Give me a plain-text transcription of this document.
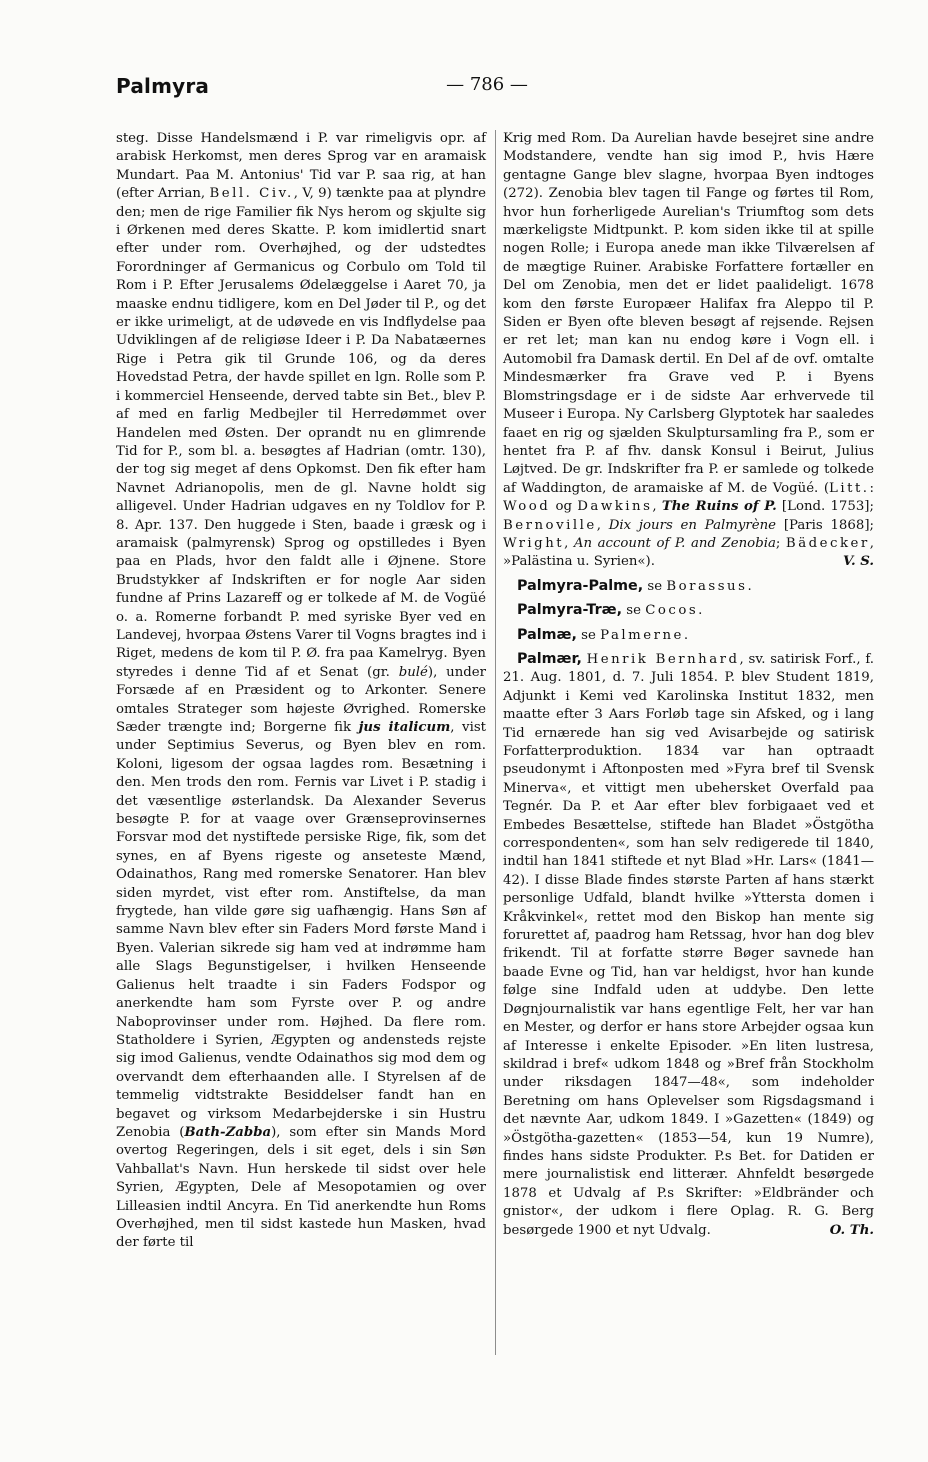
Palmyra	— 786 —

steg. Disse Handelsmænd i P. var rimeligvis opr. af arabisk Herkomst, men deres Sprog var en aramaisk Mundart. Paa M. Antonius' Tid var P. saa rig, at han (efter Arrian, Bell. Civ., V, 9) tænkte paa at plyndre den; men de rige Familier fik Nys herom og skjulte sig i Ørkenen med deres Skatte. P. kom imidlertid snart efter under rom. Overhøjhed, og der udstedtes Forordninger af Germanicus og Corbulo om Told til Rom i P. Efter Jerusalems Ødelæggelse i Aaret 70, ja maaske endnu tidligere, kom en Del Jøder til P., og det er ikke urimeligt, at de udøvede en vis Indflydelse paa Udviklingen af de religiøse Ideer i P. Da Nabatæernes Rige i Petra gik til Grunde 106, og da deres Hovedstad Petra, der havde spillet en lgn. Rolle som P. i kommerciel Henseende, derved tabte sin Bet., blev P. af med en farlig Medbejler til Herredømmet over Handelen med Østen. Der oprandt nu en glimrende Tid for P., som bl. a. besøgtes af Hadrian (omtr. 130), der tog sig meget af dens Opkomst. Den fik efter ham Navnet Adrianopolis, men de gl. Navne holdt sig alligevel. Under Hadrian udgaves en ny Toldlov for P. 8. Apr. 137. Den huggede i Sten, baade i græsk og i aramaisk (palmyrensk) Sprog og opstilledes i Byen paa en Plads, hvor den faldt alle i Øjnene. Store Brudstykker af Indskriften er for nogle Aar siden fundne af Prins Lazareff og er tolkede af M. de Vogüé o. a. Romerne forbandt P. med syriske Byer ved en Landevej, hvorpaa Østens Varer til Vogns bragtes ind i Riget, medens de kom til P. Ø. fra paa Kamelryg. Byen styredes i denne Tid af et Senat (gr. bulé), under Forsæde af en Præsident og to Arkonter. Senere omtales Strateger som højeste Øvrighed. Romerske Sæder trængte ind; Borgerne fik jus italicum, vist under Septimius Severus, og Byen blev en rom. Koloni, ligesom der ogsaa lagdes rom. Besætning i den. Men trods den rom. Fernis var Livet i P. stadig i det væsentlige østerlandsk. Da Alexander Severus besøgte P. for at vaage over Grænseprovinsernes Forsvar mod det nystiftede persiske Rige, fik, som det synes, en af Byens rigeste og anseteste Mænd, Odainathos, Rang med romerske Senatorer. Han blev siden myrdet, vist efter rom. Anstiftelse, da man frygtede, han vilde gøre sig uafhængig. Hans Søn af samme Navn blev efter sin Faders Mord første Mand i Byen. Valerian sikrede sig ham ved at indrømme ham alle Slags Begunstigelser, i hvilken Henseende Galienus helt traadte i sin Faders Fodspor og anerkendte ham som Fyrste over P. og andre Naboprovinser under rom. Højhed. Da flere rom. Statholdere i Syrien, Ægypten og andensteds rejste sig imod Galienus, vendte Odainathos sig mod dem og overvandt dem efterhaanden alle. I Styrelsen af de temmelig vidtstrakte Besiddelser fandt han en begavet og virksom Medarbejderske i sin Hustru Zenobia (Bath-Zabba), som efter sin Mands Mord overtog Regeringen, dels i sit eget, dels i sin Søn Vahballat's Navn. Hun herskede til sidst over hele Syrien, Ægypten, Dele af Mesopotamien og over Lilleasien indtil Ancyra. En Tid anerkendte hun Roms Overhøjhed, men til sidst kastede hun Masken, hvad der førte til

Krig med Rom. Da Aurelian havde besejret sine andre Modstandere, vendte han sig imod P., hvis Hære gentagne Gange blev slagne, hvorpaa Byen indtoges (272). Zenobia blev tagen til Fange og førtes til Rom, hvor hun forherligede Aurelian's Triumftog som dets mærkeligste Midtpunkt. P. kom siden ikke til at spille nogen Rolle; i Europa anede man ikke Tilværelsen af de mægtige Ruiner. Arabiske Forfattere fortæller en Del om Zenobia, men det er lidet paalideligt. 1678 kom den første Europæer Halifax fra Aleppo til P. Siden er Byen ofte bleven besøgt af rejsende. Rejsen er ret let; man kan nu endog køre i Vogn ell. i Automobil fra Damask dertil. En Del af de ovf. omtalte Mindesmærker fra Grave ved P. i Byens Blomstringsdage er i de sidste Aar erhvervede til Museer i Europa. Ny Carlsberg Glyptotek har saaledes faaet en rig og sjælden Skulptursamling fra P., som er hentet fra P. af fhv. dansk Konsul i Beirut, Julius Løjtved. De gr. Indskrifter fra P. er samlede og tolkede af Waddington, de aramaiske af M. de Vogüé. (Litt.: Wood og Dawkins, The Ruins of P. [Lond. 1753]; Bernoville, Dix jours en Palmyrène [Paris 1868]; Wright, An account of P. and Zenobia; Bädecker, »Palästina u. Syrien«).	V. S.

Palmyra-Palme, se Borassus.

Palmyra-Træ, se Cocos.

Palmæ, se Palmerne.

Palmær, Henrik Bernhard, sv. satirisk Forf., f. 21. Aug. 1801, d. 7. Juli 1854. P. blev Student 1819, Adjunkt i Kemi ved Karolinska Institut 1832, men maatte efter 3 Aars Forløb tage sin Afsked, og i lang Tid ernærede han sig ved Avisarbejde og satirisk Forfatterproduktion. 1834 var han optraadt pseudonymt i Aftonposten med »Fyra bref til Svensk Minerva«, et vittigt men ubehersket Overfald paa Tegnér. Da P. et Aar efter blev forbigaaet ved et Embedes Besættelse, stiftede han Bladet »Östgötha correspondenten«, som han selv redigerede til 1840, indtil han 1841 stiftede et nyt Blad »Hr. Lars« (1841—42). I disse Blade findes største Parten af hans stærkt personlige Udfald, blandt hvilke »Yttersta domen i Kråkvinkel«, rettet mod den Biskop han mente sig forurettet af, paadrog ham Retssag, hvor han dog blev frikendt. Til at forfatte større Bøger savnede han baade Evne og Tid, han var heldigst, hvor han kunde følge sine Indfald uden at uddybe. Den lette Døgnjournalistik var hans egentlige Felt, her var han en Mester, og derfor er hans store Arbejder ogsaa kun af Interesse i enkelte Episoder. »En liten lustresa, skildrad i bref« udkom 1848 og »Bref från Stockholm under riksdagen 1847—48«, som indeholder Beretning om hans Oplevelser som Rigsdagsmand i det nævnte Aar, udkom 1849. I »Gazetten« (1849) og »Östgötha-gazetten« (1853—54, kun 19 Numre), findes hans sidste Produkter. P.s Bet. for Datiden er mere journalistisk end litterær. Ahnfeldt besørgede 1878 et Udvalg af P.s Skrifter: »Eldbränder och gnistor«, der udkom i flere Oplag. R. G. Berg besørgede 1900 et nyt Udvalg.	O. Th.
